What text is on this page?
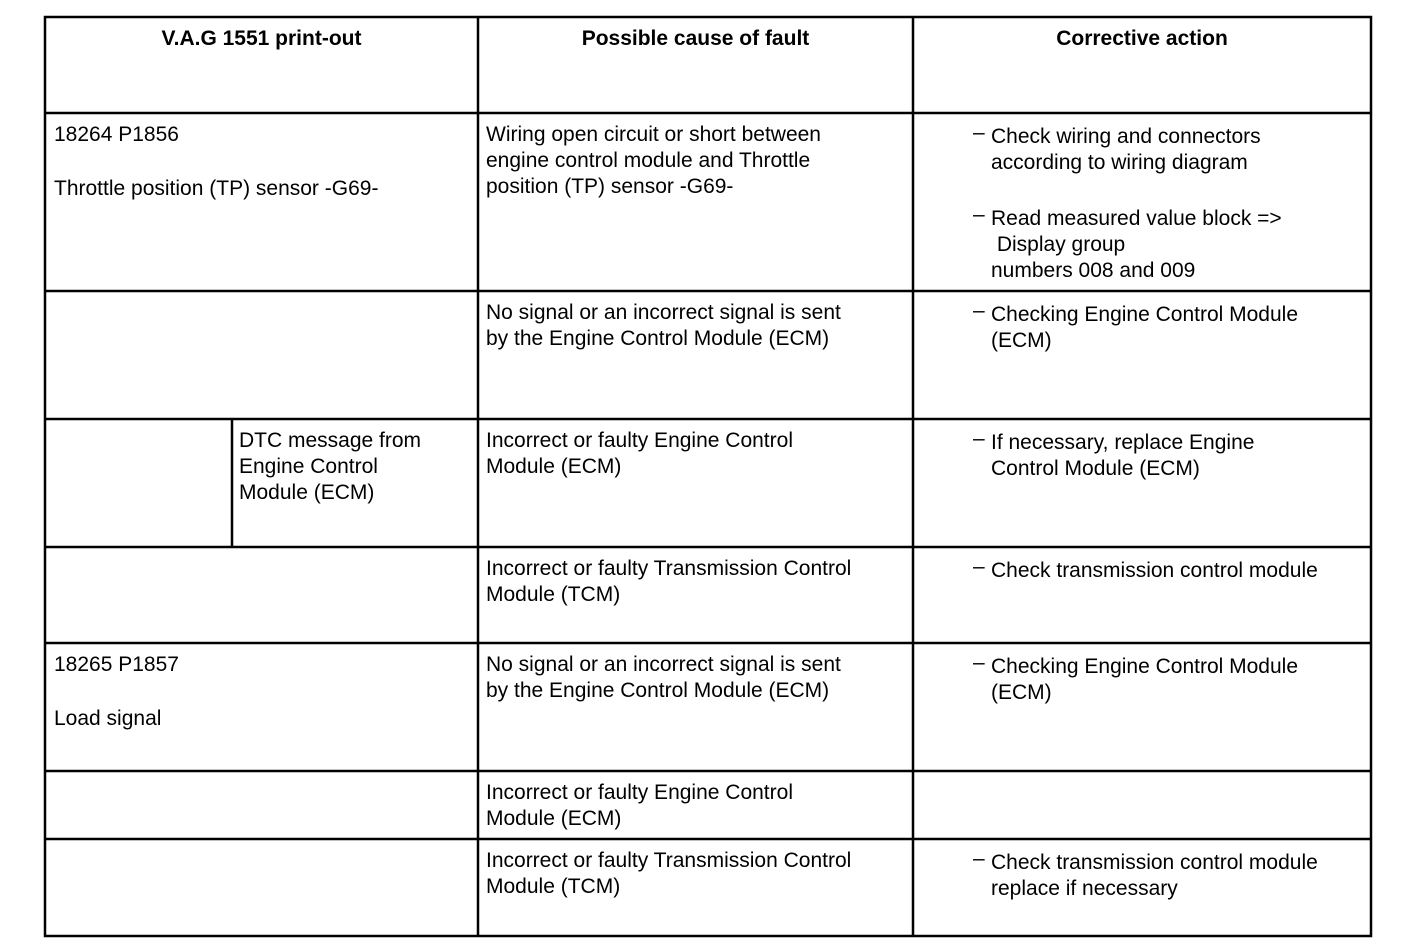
V.A.G 1551 print-out	Possible cause of fault	Corrective action
18264 P1856
Throttle position (TP) sensor -G69-
Wiring open circuit or short between
engine control module and Throttle
position (TP) sensor -G69-
– Check wiring and connectors
according to wiring diagram
– Read measured value block =>
Display group
numbers 008 and 009
No signal or an incorrect signal is sent
by the Engine Control Module (ECM)
– Checking Engine Control Module
(ECM)
DTC message from
Engine Control
Module (ECM)
Incorrect or faulty Engine Control
Module (ECM)
– If necessary, replace Engine
Control Module (ECM)
Incorrect or faulty Transmission Control
Module (TCM)
– Check transmission control module
18265 P1857
Load signal
No signal or an incorrect signal is sent
by the Engine Control Module (ECM)
– Checking Engine Control Module
(ECM)
Incorrect or faulty Engine Control
Module (ECM)
Incorrect or faulty Transmission Control
Module (TCM)
– Check transmission control module
replace if necessary
